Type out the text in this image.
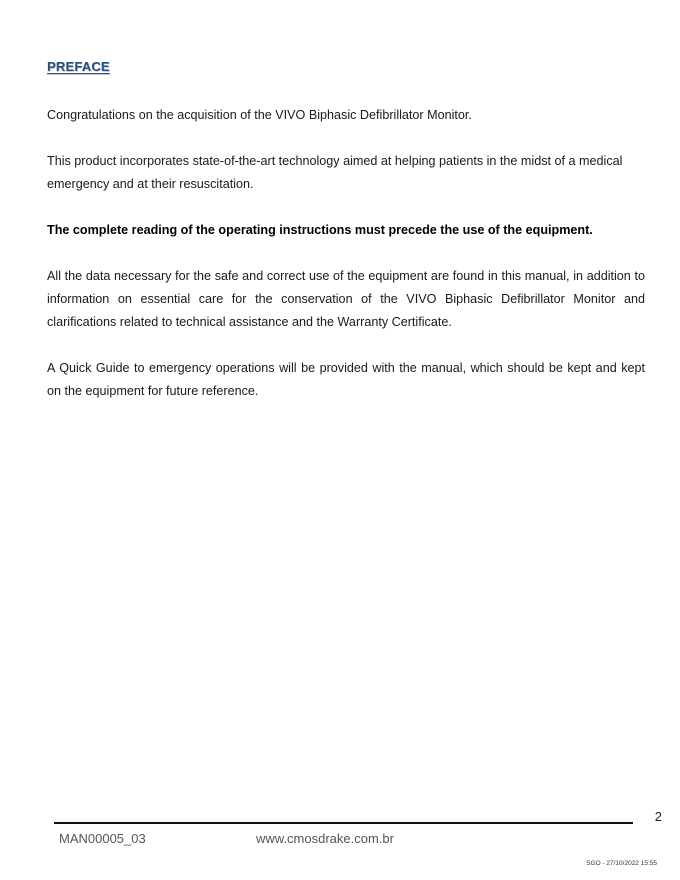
PREFACE

Congratulations on the acquisition of the VIVO Biphasic Defibrillator Monitor.

This product incorporates state-of-the-art technology aimed at helping patients in the midst of a medical emergency and at their resuscitation.

The complete reading of the operating instructions must precede the use of the equipment.

All the data necessary for the safe and correct use of the equipment are found in this manual, in addition to information on essential care for the conservation of the VIVO Biphasic Defibrillator Monitor and clarifications related to technical assistance and the Warranty Certificate.

A Quick Guide to emergency operations will be provided with the manual, which should be kept and kept on the equipment for future reference.

2
MAN00005_03	www.cmosdrake.com.br
SGO - 27/10/2022 15:55
